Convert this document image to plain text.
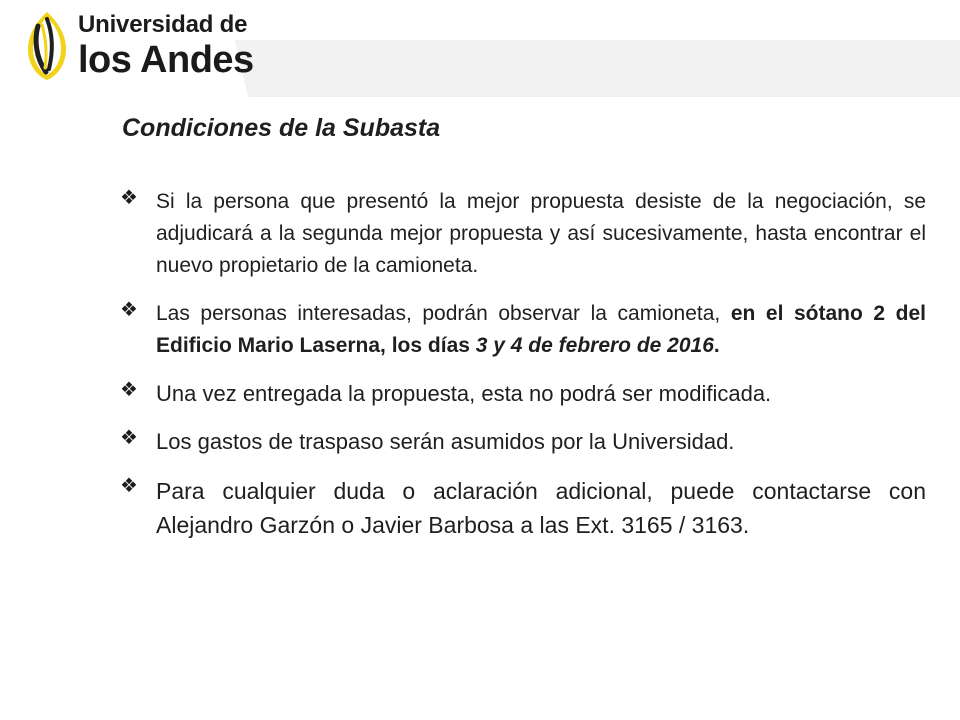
Universidad de
los Andes
Condiciones de la Subasta
❖ Si la persona que presentó la mejor propuesta desiste de la negociación, se adjudicará a la segunda mejor propuesta y así sucesivamente, hasta encontrar el nuevo propietario de la camioneta.
❖ Las personas interesadas, podrán observar la camioneta, en el sótano 2 del Edificio Mario Laserna, los días 3 y 4 de febrero de 2016.
❖ Una vez entregada la propuesta, esta no podrá ser modificada.
❖ Los gastos de traspaso serán asumidos por la Universidad.
❖ Para cualquier duda o aclaración adicional, puede contactarse con Alejandro Garzón o Javier Barbosa a las Ext. 3165 / 3163.
